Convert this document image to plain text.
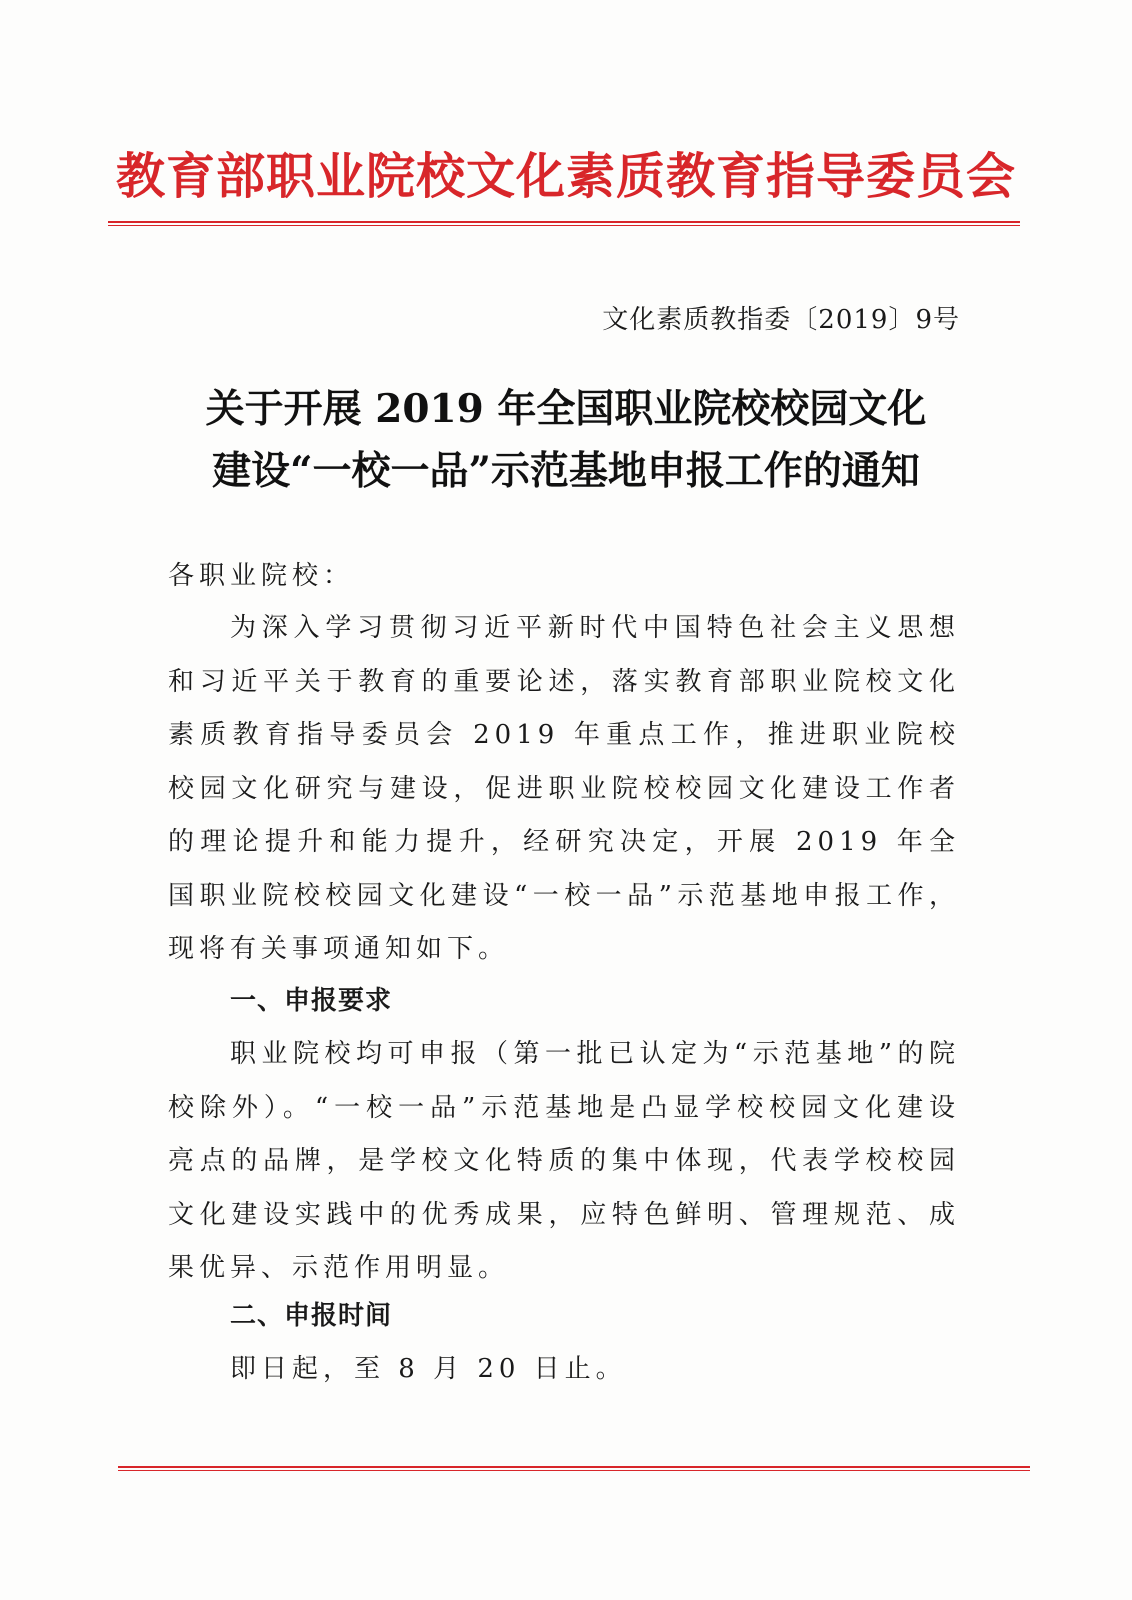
教育部职业院校文化素质教育指导委员会
文化素质教指委〔2019〕9号
关于开展 2019 年全国职业院校校园文化
建设“一校一品”示范基地申报工作的通知
各职业院校：
为深入学习贯彻习近平新时代中国特色社会主义思想和习近平关于教育的重要论述，落实教育部职业院校文化素质教育指导委员会 2019 年重点工作，推进职业院校校园文化研究与建设，促进职业院校校园文化建设工作者的理论提升和能力提升，经研究决定，开展 2019 年全国职业院校校园文化建设“一校一品”示范基地申报工作，现将有关事项通知如下。
一、申报要求
职业院校均可申报（第一批已认定为“示范基地”的院校除外）。“一校一品”示范基地是凸显学校校园文化建设亮点的品牌，是学校文化特质的集中体现，代表学校校园文化建设实践中的优秀成果，应特色鲜明、管理规范、成果优异、示范作用明显。
二、申报时间
即日起，至 8 月 20 日止。
